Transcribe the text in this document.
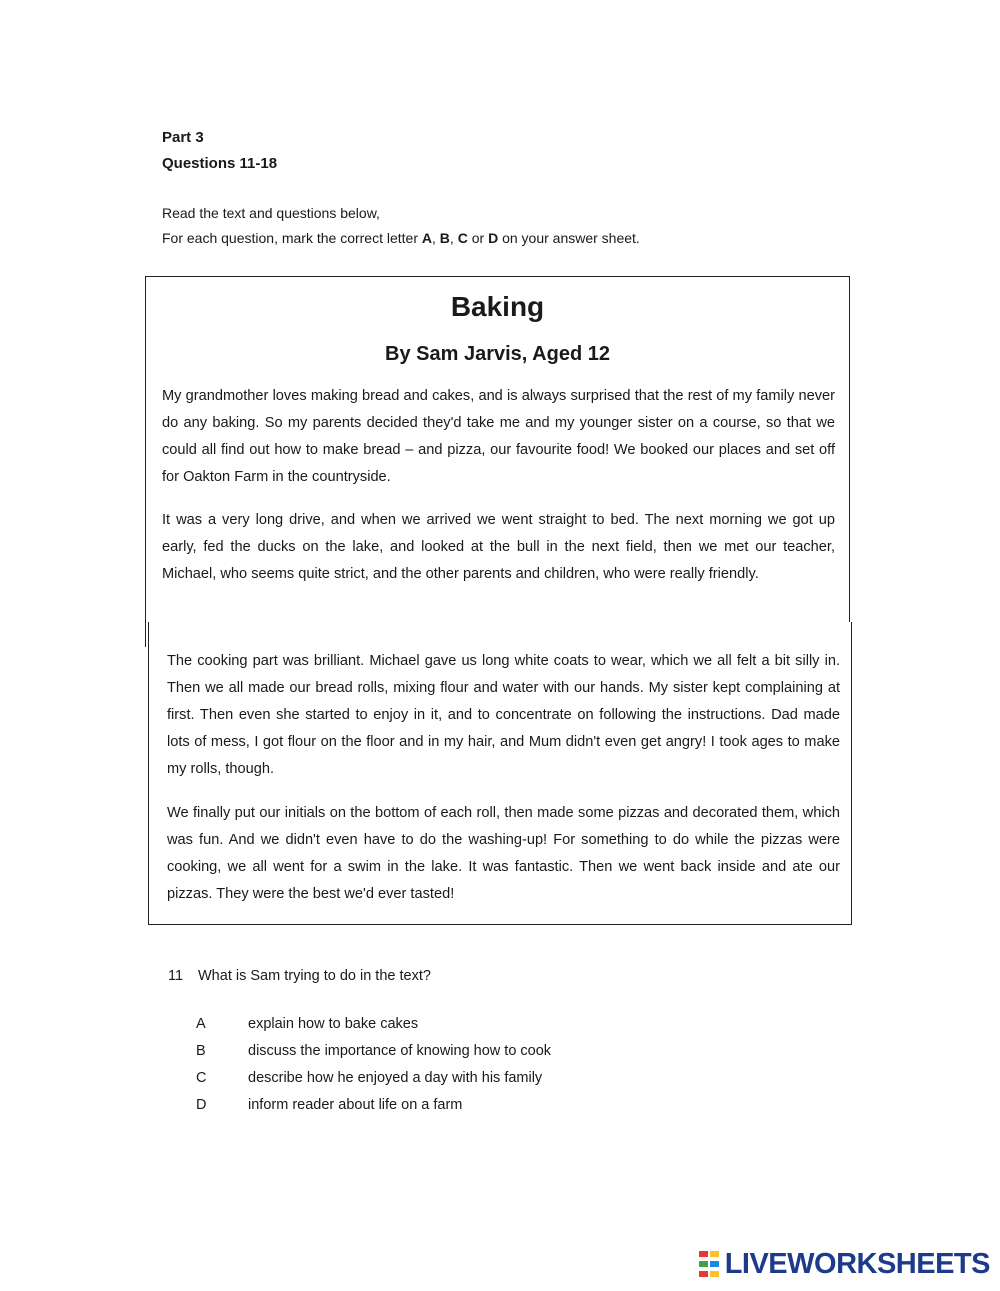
Part 3
Questions 11-18
Read the text and questions below,
For each question, mark the correct letter A, B, C or D on your answer sheet.
Baking
By Sam Jarvis, Aged 12
My grandmother loves making bread and cakes, and is always surprised that the rest of my family never do any baking. So my parents decided they'd take me and my younger sister on a course, so that we could all find out how to make bread – and pizza, our favourite food! We booked our places and set off for Oakton Farm in the countryside.
It was a very long drive, and when we arrived we went straight to bed. The next morning we got up early, fed the ducks on the lake, and looked at the bull in the next field, then we met our teacher, Michael, who seems quite strict, and the other parents and children, who were really friendly.
The cooking part was brilliant. Michael gave us long white coats to wear, which we all felt a bit silly in. Then we all made our bread rolls, mixing flour and water with our hands. My sister kept complaining at first. Then even she started to enjoy in it, and to concentrate on following the instructions. Dad made lots of mess, I got flour on the floor and in my hair, and Mum didn't even get angry! I took ages to make my rolls, though.
We finally put our initials on the bottom of each roll, then made some pizzas and decorated them, which was fun. And we didn't even have to do the washing-up! For something to do while the pizzas were cooking, we all went for a swim in the lake. It was fantastic. Then we went back inside and ate our pizzas. They were the best we'd ever tasted!
11 What is Sam trying to do in the text?
A	explain how to bake cakes
B	discuss the importance of knowing how to cook
C	describe how he enjoyed a day with his family
D	inform reader about life on a farm
LIVEWORKSHEETS
